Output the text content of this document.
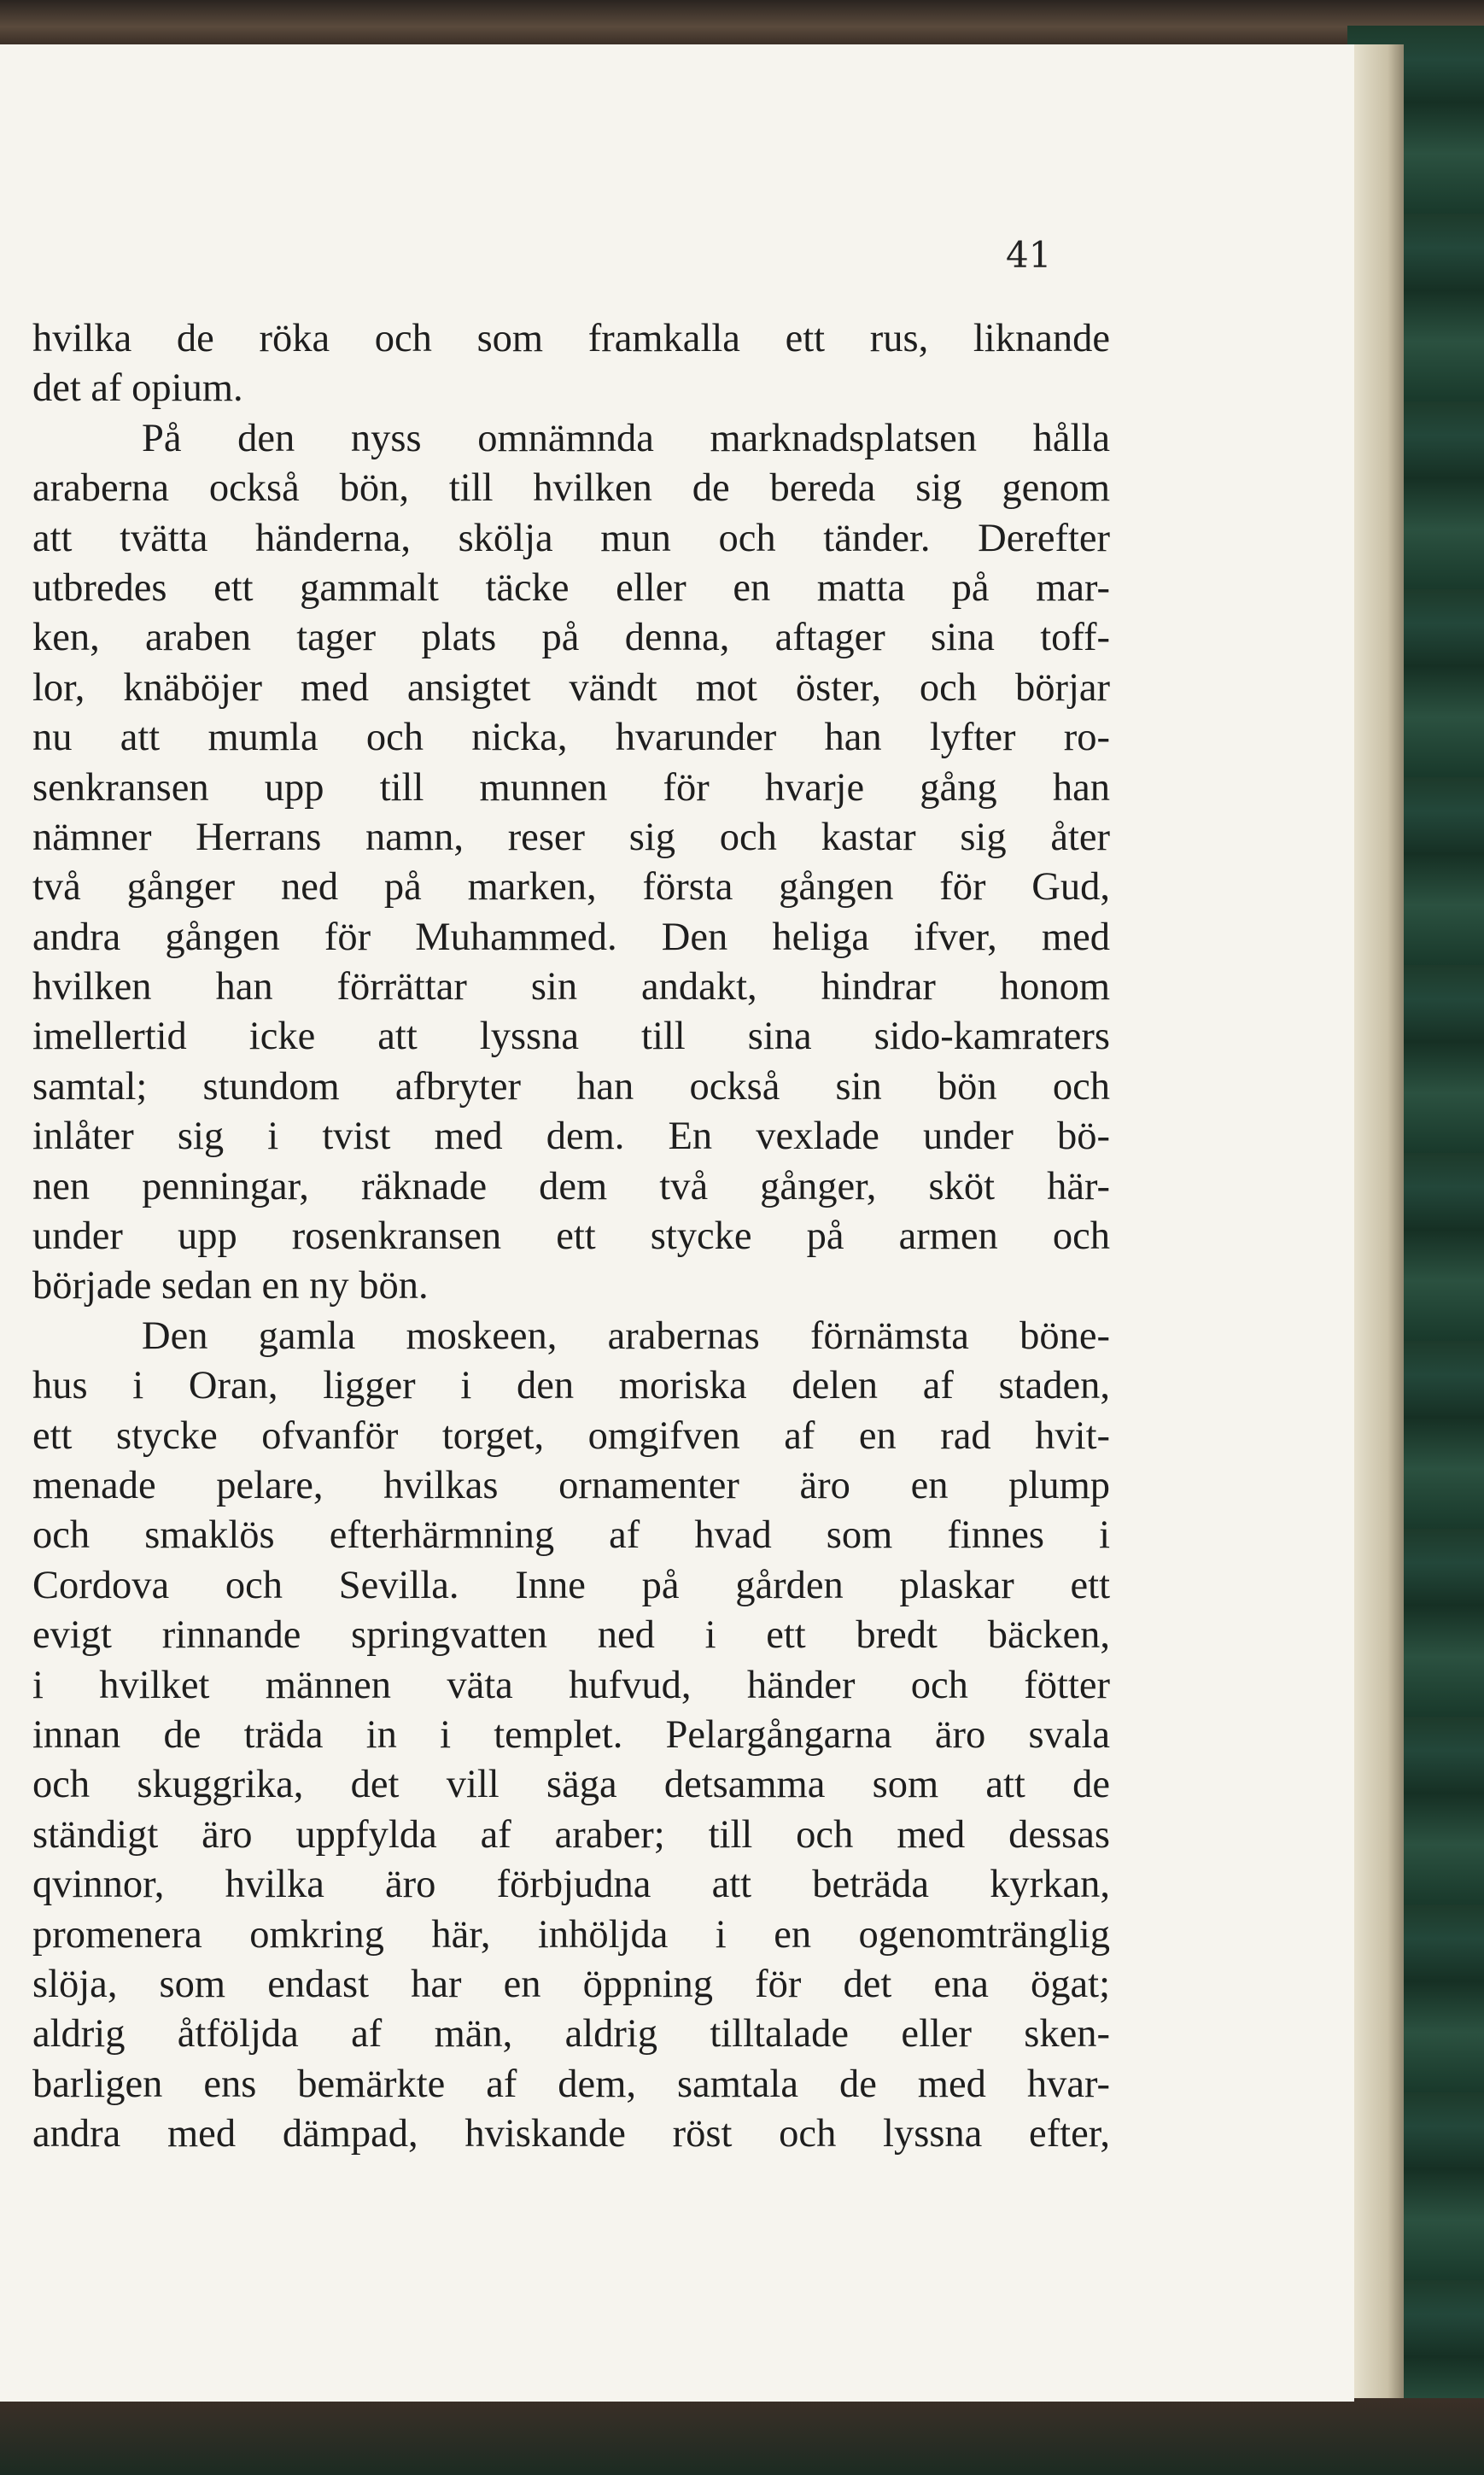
41
hvilka de röka och som framkalla ett rus, liknande
det af opium.
På den nyss omnämnda marknadsplatsen hålla
araberna också bön, till hvilken de bereda sig genom
att tvätta händerna, skölja mun och tänder. Derefter
utbredes ett gammalt täcke eller en matta på mar-
ken, araben tager plats på denna, aftager sina toff-
lor, knäböjer med ansigtet vändt mot öster, och börjar
nu att mumla och nicka, hvarunder han lyfter ro-
senkransen upp till munnen för hvarje gång han
nämner Herrans namn, reser sig och kastar sig åter
två gånger ned på marken, första gången för Gud,
andra gången för Muhammed. Den heliga ifver, med
hvilken han förrättar sin andakt, hindrar honom
imellertid icke att lyssna till sina sido-kamraters
samtal; stundom afbryter han också sin bön och
inlåter sig i tvist med dem. En vexlade under bö-
nen penningar, räknade dem två gånger, sköt här-
under upp rosenkransen ett stycke på armen och
började sedan en ny bön.
Den gamla moskeen, arabernas förnämsta böne-
hus i Oran, ligger i den moriska delen af staden,
ett stycke ofvanför torget, omgifven af en rad hvit-
menade pelare, hvilkas ornamenter äro en plump
och smaklös efterhärmning af hvad som finnes i
Cordova och Sevilla. Inne på gården plaskar ett
evigt rinnande springvatten ned i ett bredt bäcken,
i hvilket männen väta hufvud, händer och fötter
innan de träda in i templet. Pelargångarna äro svala
och skuggrika, det vill säga detsamma som att de
ständigt äro uppfylda af araber; till och med dessas
qvinnor, hvilka äro förbjudna att beträda kyrkan,
promenera omkring här, inhöljda i en ogenomtränglig
slöja, som endast har en öppning för det ena ögat;
aldrig åtföljda af män, aldrig tilltalade eller sken-
barligen ens bemärkte af dem, samtala de med hvar-
andra med dämpad, hviskande röst och lyssna efter,
